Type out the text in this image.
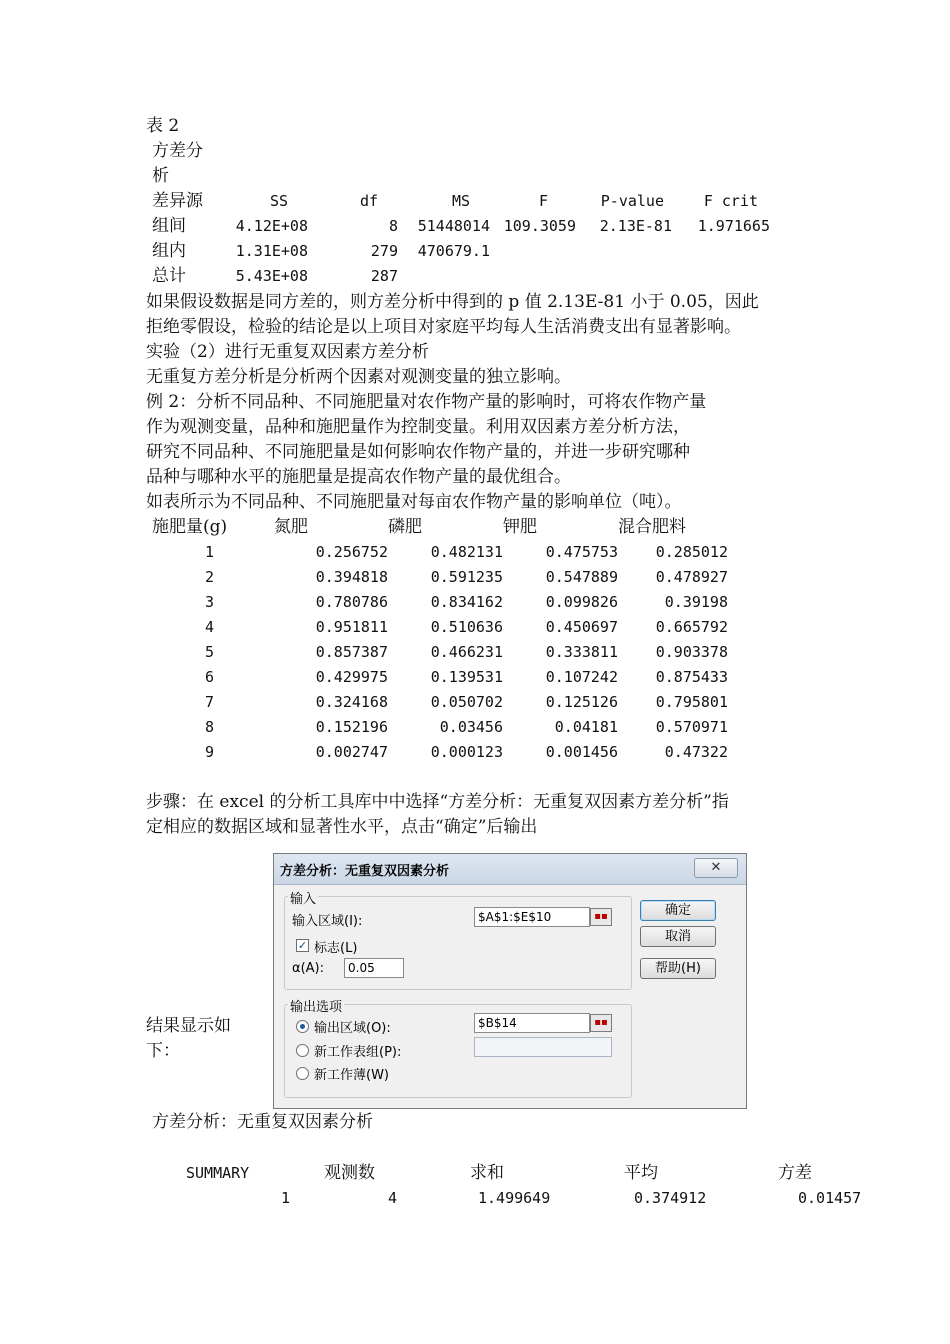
表 2
方差分
析
差异源	SS	df	MS	F	P-value	F crit
组间	4.12E+08	8	51448014	109.3059	2.13E-81	1.971665
组内	1.31E+08	279	470679.1			
总计	5.43E+08	287				
如果假设数据是同方差的，则方差分析中得到的 p 值 2.13E-81 小于 0.05，因此
拒绝零假设，检验的结论是以上项目对家庭平均每人生活消费支出有显著影响。
实验（2）进行无重复双因素方差分析
无重复方差分析是分析两个因素对观测变量的独立影响。
例 2：分析不同品种、不同施肥量对农作物产量的影响时，可将农作物产量
作为观测变量，品种和施肥量作为控制变量。利用双因素方差分析方法，
研究不同品种、不同施肥量是如何影响农作物产量的，并进一步研究哪种
品种与哪种水平的施肥量是提高农作物产量的最优组合。
如表所示为不同品种、不同施肥量对每亩农作物产量的影响单位（吨）。
施肥量(g)	氮肥	磷肥	钾肥	混合肥料
1	0.256752	0.482131	0.475753	0.285012
2	0.394818	0.591235	0.547889	0.478927
3	0.780786	0.834162	0.099826	0.39198
4	0.951811	0.510636	0.450697	0.665792
5	0.857387	0.466231	0.333811	0.903378
6	0.429975	0.139531	0.107242	0.875433
7	0.324168	0.050702	0.125126	0.795801
8	0.152196	0.03456	0.04181	0.570971
9	0.002747	0.000123	0.001456	0.47322
步骤：在 excel 的分析工具库中中选择“方差分析：无重复双因素方差分析”指
定相应的数据区域和显著性水平，点击“确定”后输出
结果显示如
下：
方差分析：无重复双因素分析	✕
输入
输入区域(I):	$A$1:$E$10	▪▪
✓ 标志(L)
α(A):	0.05
输出选项
输出区域(O):	$B$14	▪▪
新工作表组(P):
新工作薄(W)
确定
取消
帮助(H)
方差分析：无重复双因素分析
SUMMARY	观测数	求和	平均	方差
1	4	1.499649	0.374912	0.01457
